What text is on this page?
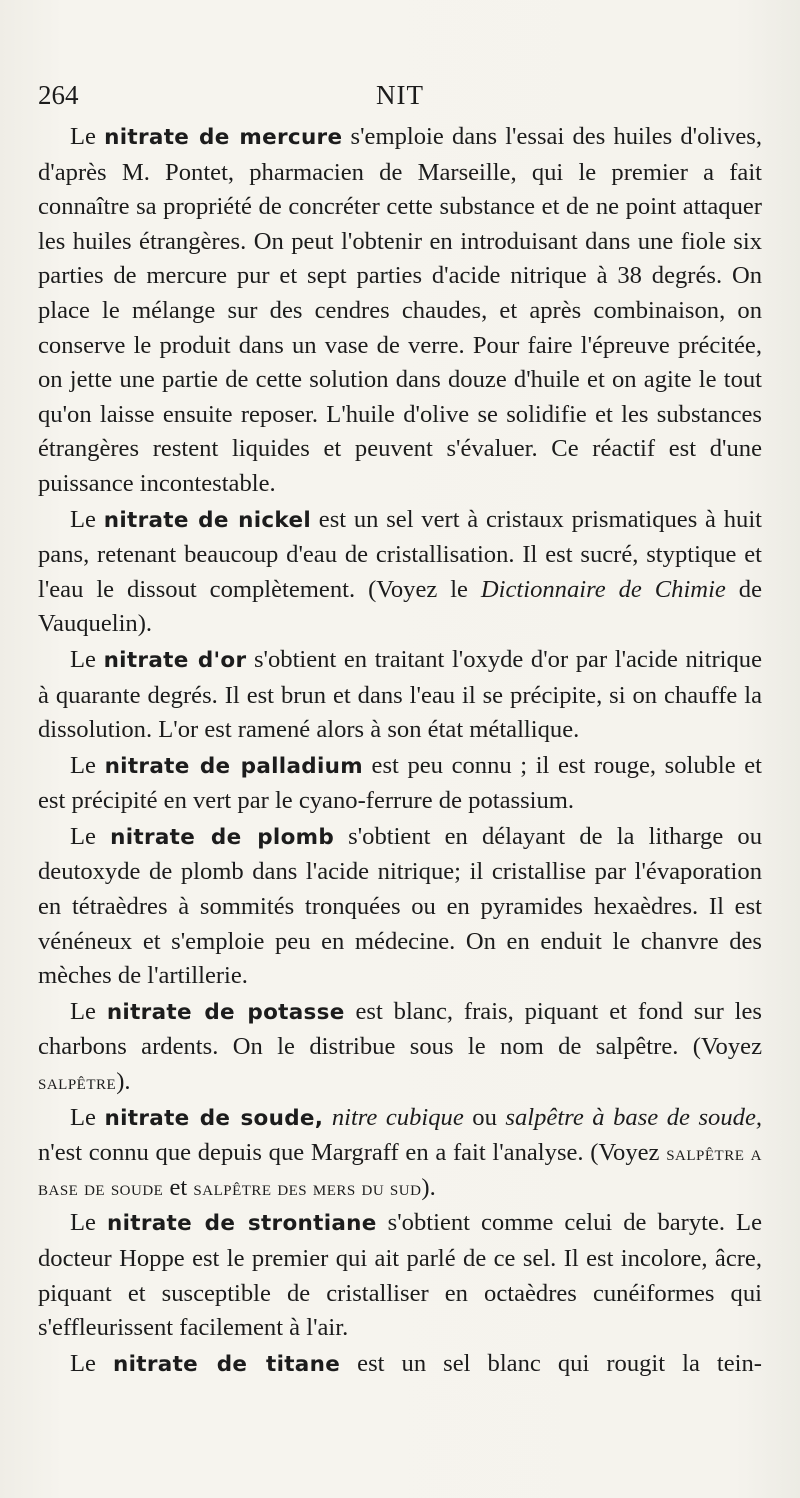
264	NIT

Le nitrate de mercure s'emploie dans l'essai des huiles d'olives, d'après M. Pontet, pharmacien de Marseille, qui le premier a fait connaître sa propriété de concréter cette substance et de ne point attaquer les huiles étrangères. On peut l'obtenir en introduisant dans une fiole six parties de mercure pur et sept parties d'acide nitrique à 38 degrés. On place le mélange sur des cendres chaudes, et après combinaison, on conserve le produit dans un vase de verre. Pour faire l'épreuve précitée, on jette une partie de cette solution dans douze d'huile et on agite le tout qu'on laisse ensuite reposer. L'huile d'olive se solidifie et les substances étrangères restent liquides et peuvent s'évaluer. Ce réactif est d'une puissance incontestable.

Le nitrate de nickel est un sel vert à cristaux prismatiques à huit pans, retenant beaucoup d'eau de cristallisation. Il est sucré, styptique et l'eau le dissout complètement. (Voyez le Dictionnaire de Chimie de Vauquelin).

Le nitrate d'or s'obtient en traitant l'oxyde d'or par l'acide nitrique à quarante degrés. Il est brun et dans l'eau il se précipite, si on chauffe la dissolution. L'or est ramené alors à son état métallique.

Le nitrate de palladium est peu connu ; il est rouge, soluble et est précipité en vert par le cyano-ferrure de potassium.

Le nitrate de plomb s'obtient en délayant de la litharge ou deutoxyde de plomb dans l'acide nitrique; il cristallise par l'évaporation en tétraèdres à sommités tronquées ou en pyramides hexaèdres. Il est vénéneux et s'emploie peu en médecine. On en enduit le chanvre des mèches de l'artillerie.

Le nitrate de potasse est blanc, frais, piquant et fond sur les charbons ardents. On le distribue sous le nom de salpêtre. (Voyez salpêtre).

Le nitrate de soude, nitre cubique ou salpêtre à base de soude, n'est connu que depuis que Margraff en a fait l'analyse. (Voyez salpêtre a base de soude et salpêtre des mers du sud).

Le nitrate de strontiane s'obtient comme celui de baryte. Le docteur Hoppe est le premier qui ait parlé de ce sel. Il est incolore, âcre, piquant et susceptible de cristalliser en octaèdres cunéiformes qui s'effleurissent facilement à l'air.

Le nitrate de titane est un sel blanc qui rougit la tein-
